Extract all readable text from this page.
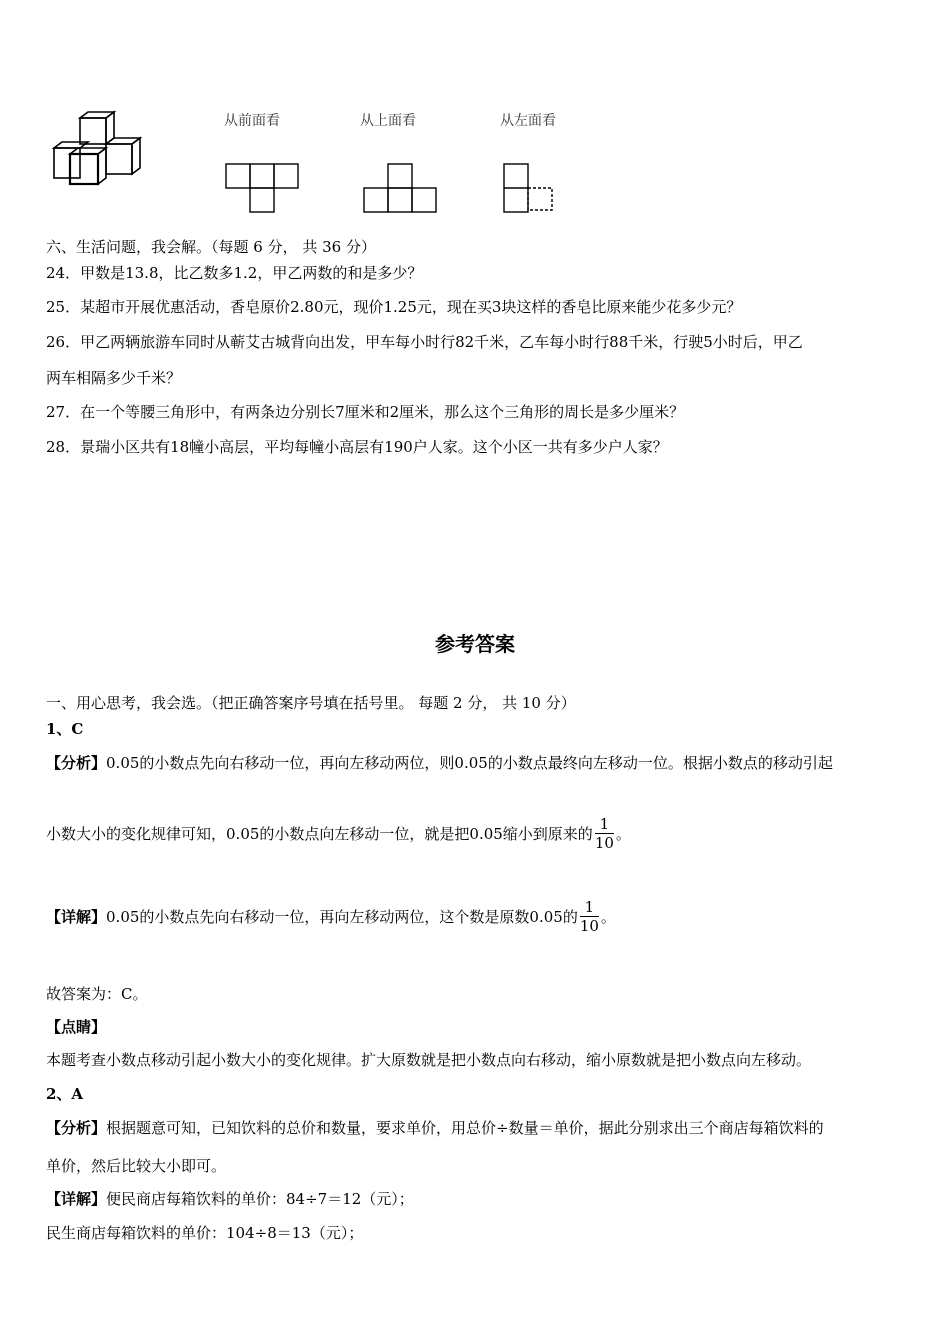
从前面看	从上面看	从左面看
六、生活问题，我会解。（每题 6 分， 共 36 分）
24．甲数是13.8，比乙数多1.2，甲乙两数的和是多少？
25．某超市开展优惠活动，香皂原价2.80元，现价1.25元，现在买3块这样的香皂比原来能少花多少元？
26．甲乙两辆旅游车同时从蕲艾古城背向出发，甲车每小时行82千米，乙车每小时行88千米，行驶5小时后，甲乙
两车相隔多少千米？
27．在一个等腰三角形中，有两条边分别长7厘米和2厘米，那么这个三角形的周长是多少厘米？
28．景瑞小区共有18幢小高层，平均每幢小高层有190户人家。这个小区一共有多少户人家？
参考答案
一、用心思考，我会选。（把正确答案序号填在括号里。 每题 2 分， 共 10 分）
1、C
【分析】0.05的小数点先向右移动一位，再向左移动两位，则0.05的小数点最终向左移动一位。根据小数点的移动引起
小数大小的变化规律可知，0.05的小数点向左移动一位，就是把0.05缩小到原来的 $\frac{1}{10}$ 。
【详解】0.05的小数点先向右移动一位，再向左移动两位，这个数是原数0.05的 $\frac{1}{10}$ 。
故答案为：C。
【点睛】
本题考查小数点移动引起小数大小的变化规律。扩大原数就是把小数点向右移动，缩小原数就是把小数点向左移动。
2、A
【分析】根据题意可知，已知饮料的总价和数量，要求单价，用总价÷数量＝单价，据此分别求出三个商店每箱饮料的
单价，然后比较大小即可。
【详解】便民商店每箱饮料的单价：84÷7＝12（元）；
民生商店每箱饮料的单价：104÷8＝13（元）；
